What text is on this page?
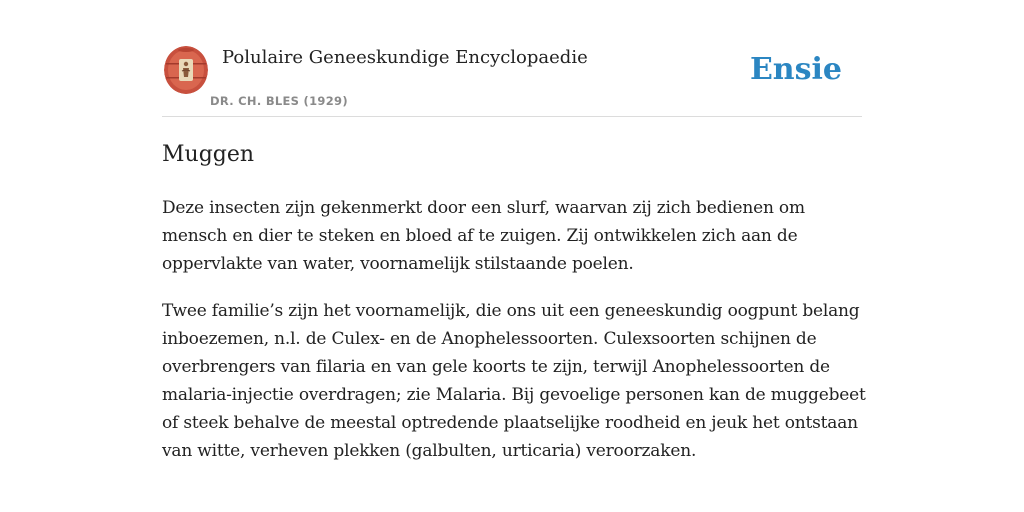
Polulaire Geneeskundige Encyclopaedie
DR. CH. BLES (1929)
Ensie
Muggen

Deze insecten zijn gekenmerkt door een slurf, waarvan zij zich bedienen om mensch en dier te steken en bloed af te zuigen. Zij ontwikkelen zich aan de oppervlakte van water, voornamelijk stilstaande poelen.

Twee familie’s zijn het voornamelijk, die ons uit een geneeskundig oogpunt belang inboezemen, n.l. de Culex- en de Anophelessoorten. Culexsoorten schijnen de overbrengers van filaria en van gele koorts te zijn, terwijl Anophelessoorten de malaria-injectie overdragen; zie Malaria. Bij gevoelige personen kan de muggebeet of steek behalve de meestal optredende plaatselijke roodheid en jeuk het ontstaan van witte, verheven plekken (galbulten, urticaria) veroorzaken.
